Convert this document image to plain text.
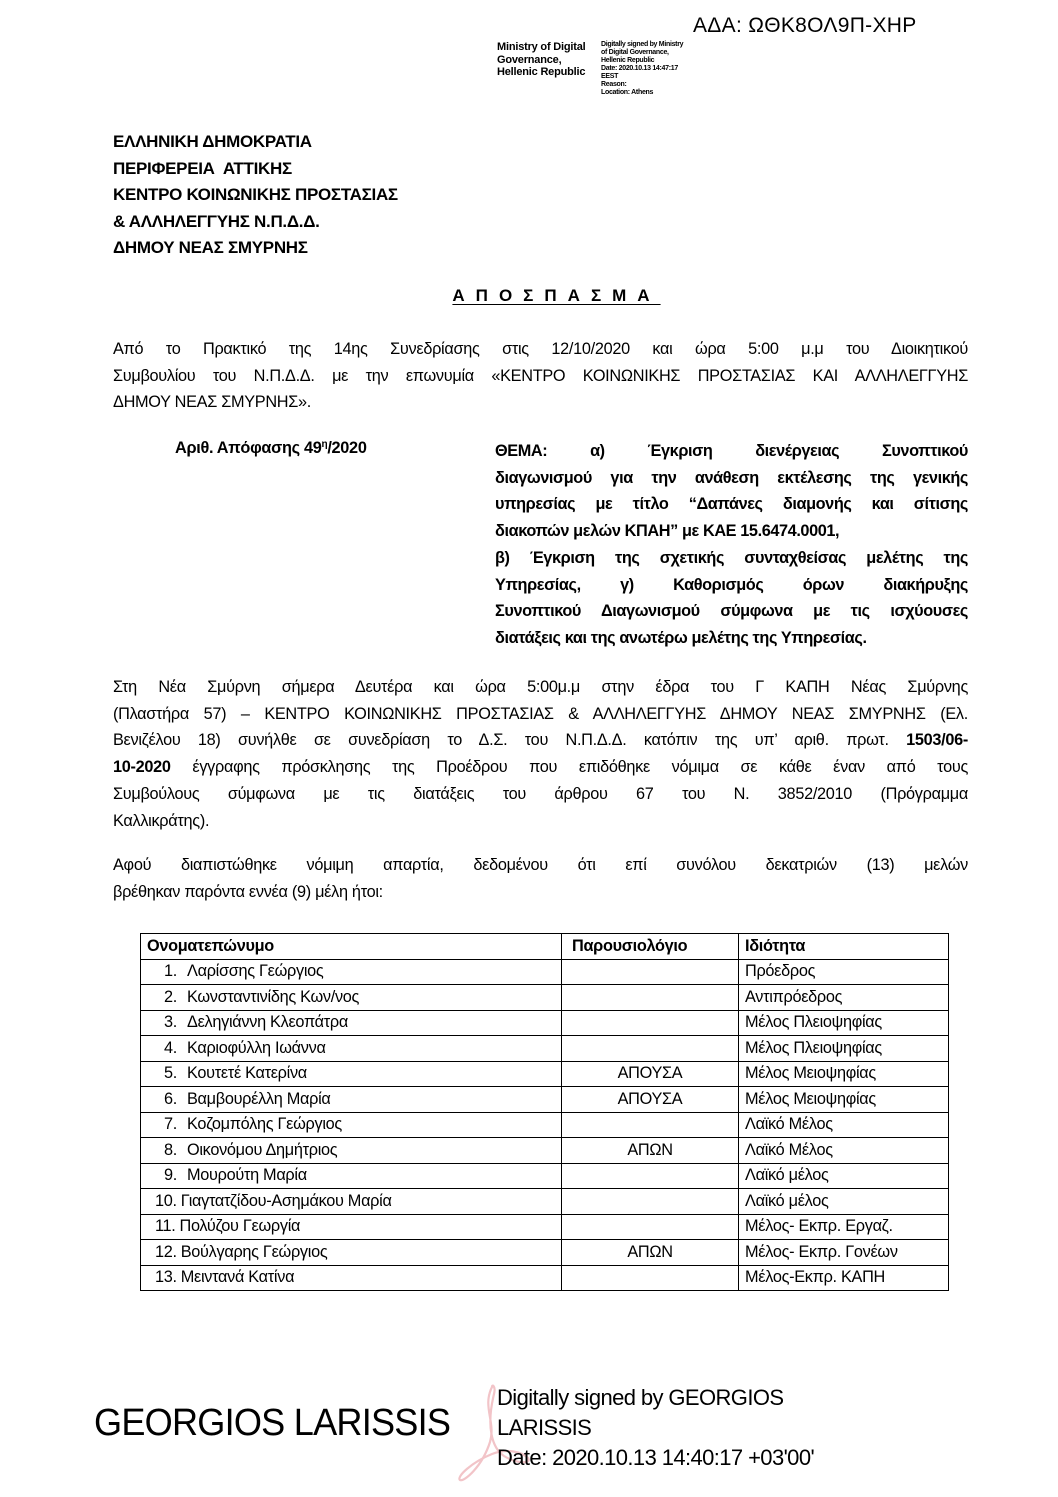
ΑΔΑ: ΩΘΚ8ΟΛ9Π-ΧΗΡ
Ministry of Digital
Governance,
Hellenic Republic
Digitally signed by Ministry
of Digital Governance,
Hellenic Republic
Date: 2020.10.13 14:47:17
EEST
Reason:
Location: Athens
ΕΛΛΗΝΙΚΗ ΔΗΜΟΚΡΑΤΙΑ
ΠΕΡΙΦΕΡΕΙΑ  ΑΤΤΙΚΗΣ
ΚΕΝΤΡΟ ΚΟΙΝΩΝΙΚΗΣ ΠΡΟΣΤΑΣΙΑΣ
& ΑΛΛΗΛΕΓΓΥΗΣ Ν.Π.Δ.Δ.
ΔΗΜΟΥ ΝΕΑΣ ΣΜΥΡΝΗΣ
ΑΠΟΣΠΑΣΜΑ
Από το Πρακτικό της 14ης Συνεδρίασης στις 12/10/2020 και ώρα 5:00 μ.μ του Διοικητικού
Συμβουλίου του Ν.Π.Δ.Δ. με την επωνυμία «ΚΕΝΤΡΟ ΚΟΙΝΩΝΙΚΗΣ ΠΡΟΣΤΑΣΙΑΣ ΚΑΙ ΑΛΛΗΛΕΓΓΥΗΣ
ΔΗΜΟΥ ΝΕΑΣ ΣΜΥΡΝΗΣ».
Αριθ. Απόφασης $49^\eta/2020$	ΘΕΜΑ: α) Έγκριση διενέργειας Συνοπτικού
διαγωνισμού για την ανάθεση εκτέλεσης της γενικής
υπηρεσίας με τίτλο “Δαπάνες διαμονής και σίτισης
διακοπών μελών ΚΠΑΗ” με ΚΑΕ 15.6474.0001,
β) Έγκριση της σχετικής συνταχθείσας μελέτης της
Υπηρεσίας, γ) Καθορισμός όρων διακήρυξης
Συνοπτικού Διαγωνισμού σύμφωνα με τις ισχύουσες
διατάξεις και της ανωτέρω μελέτης της Υπηρεσίας.
Στη Νέα Σμύρνη σήμερα Δευτέρα και ώρα 5:00μ.μ στην έδρα του Γ ΚΑΠΗ Νέας Σμύρνης
(Πλαστήρα 57) – ΚΕΝΤΡΟ ΚΟΙΝΩΝΙΚΗΣ ΠΡΟΣΤΑΣΙΑΣ & ΑΛΛΗΛΕΓΓΥΗΣ ΔΗΜΟΥ ΝΕΑΣ ΣΜΥΡΝΗΣ (Ελ.
Βενιζέλου 18) συνήλθε σε συνεδρίαση το Δ.Σ. του Ν.Π.Δ.Δ. κατόπιν της υπ’ αριθ. πρωτ. 1503/06-
10-2020 έγγραφης πρόσκλησης της Προέδρου που επιδόθηκε νόμιμα σε κάθε έναν από τους
Συμβούλους σύμφωνα με τις διατάξεις του άρθρου 67 του Ν. 3852/2010 (Πρόγραμμα
Καλλικράτης).
Αφού διαπιστώθηκε νόμιμη απαρτία, δεδομένου ότι επί συνόλου δεκατριών (13) μελών
βρέθηκαν παρόντα εννέα (9) μέλη ήτοι:
Ονοματεπώνυμο	Παρουσιολόγιο	Ιδιότητα
1. Λαρίσσης Γεώργιος		Πρόεδρος
2. Κωνσταντινίδης Κων/νος		Αντιπρόεδρος
3. Δεληγιάννη Κλεοπάτρα		Μέλος Πλειοψηφίας
4. Καριοφύλλη Ιωάννα		Μέλος Πλειοψηφίας
5. Κουτετέ Κατερίνα	ΑΠΟΥΣΑ	Μέλος Μειοψηφίας
6. Βαμβουρέλλη Μαρία	ΑΠΟΥΣΑ	Μέλος Μειοψηφίας
7. Κοζομπόλης Γεώργιος		Λαϊκό Μέλος
8. Οικονόμου Δημήτριος	ΑΠΩΝ	Λαϊκό Μέλος
9. Μουρούτη Μαρία		Λαϊκό μέλος
10. Γιαγτατζίδου-Ασημάκου Μαρία		Λαϊκό μέλος
11. Πολύζου Γεωργία		Μέλος- Εκπρ. Εργαζ.
12. Βούλγαρης Γεώργιος	ΑΠΩΝ	Μέλος- Εκπρ. Γονέων
13. Μειντανά Κατίνα		Μέλος-Εκπρ. ΚΑΠΗ
GEORGIOS LARISSIS
Digitally signed by GEORGIOS
LARISSIS
Date: 2020.10.13 14:40:17 +03'00'
